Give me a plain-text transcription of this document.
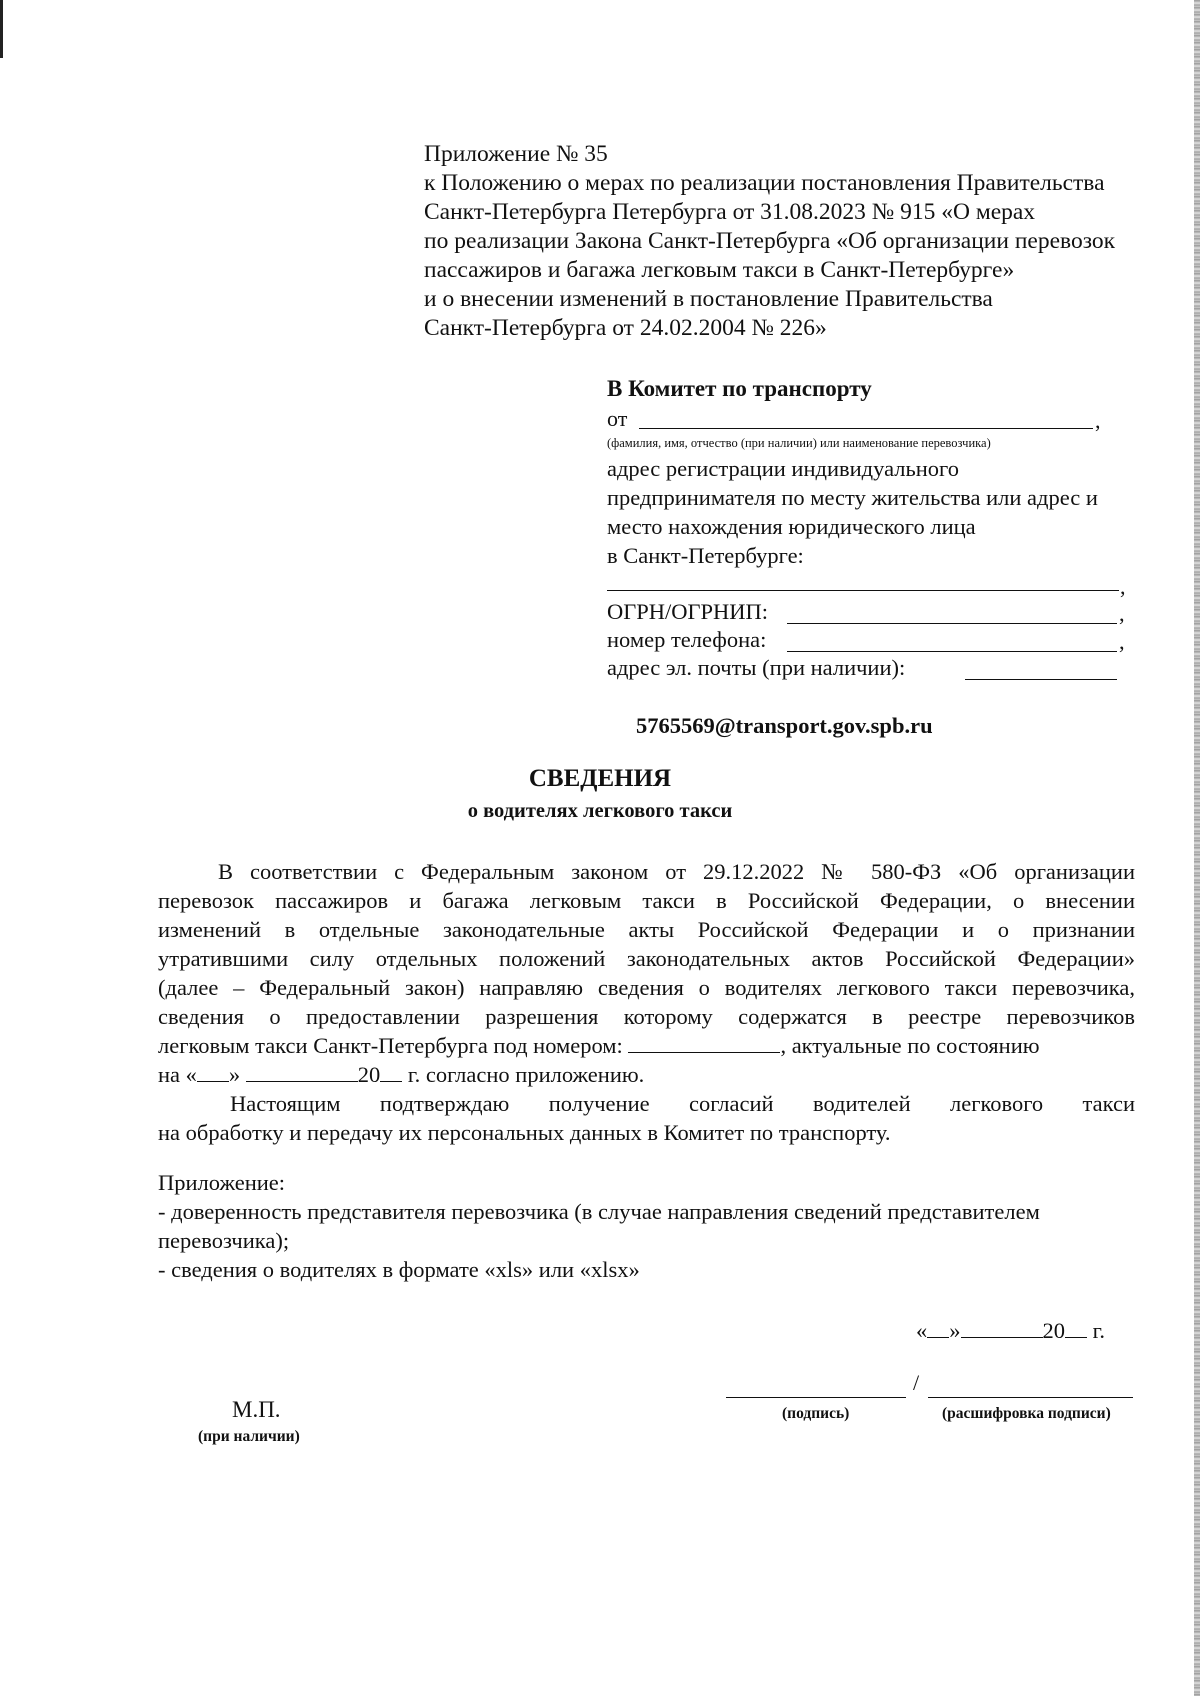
Приложение № 35
к Положению о мерах по реализации постановления Правительства
Санкт-Петербурга Петербурга от 31.08.2023 № 915 «О мерах
по реализации Закона Санкт-Петербурга «Об организации перевозок
пассажиров и багажа легковым такси в Санкт-Петербурге»
и о внесении изменений в постановление Правительства
Санкт-Петербурга от 24.02.2004 № 226»
В Комитет по транспорту
от	,
(фамилия, имя, отчество (при наличии) или наименование перевозчика)
адрес регистрации индивидуального
предпринимателя по месту жительства или адрес и
место нахождения юридического лица
в Санкт-Петербурге:
,
ОГРН/ОГРНИП:	,
номер телефона:	,
адрес эл. почты (при наличии):
5765569@transport.gov.spb.ru
СВЕДЕНИЯ
о водителях легкового такси
В соответствии с Федеральным законом от 29.12.2022 № 580-ФЗ «Об организации
перевозок пассажиров и багажа легковым такси в Российской Федерации, о внесении
изменений в отдельные законодательные акты Российской Федерации и о признании
утратившими силу отдельных положений законодательных актов Российской Федерации»
(далее – Федеральный закон) направляю сведения о водителях легкового такси перевозчика,
сведения о предоставлении разрешения которому содержатся в реестре перевозчиков
легковым такси Санкт-Петербурга под номером:	, актуальные по состоянию
на « »	20 г. согласно приложению.
Настоящим подтверждаю получение согласий водителей легкового такси
на обработку и передачу их персональных данных в Комитет по транспорту.
Приложение:
- доверенность представителя перевозчика (в случае направления сведений представителем
перевозчика);
- сведения о водителях в формате «xls» или «xlsx»
« »	20 г.
/
(подпись)	(расшифровка подписи)
М.П.
(при наличии)
